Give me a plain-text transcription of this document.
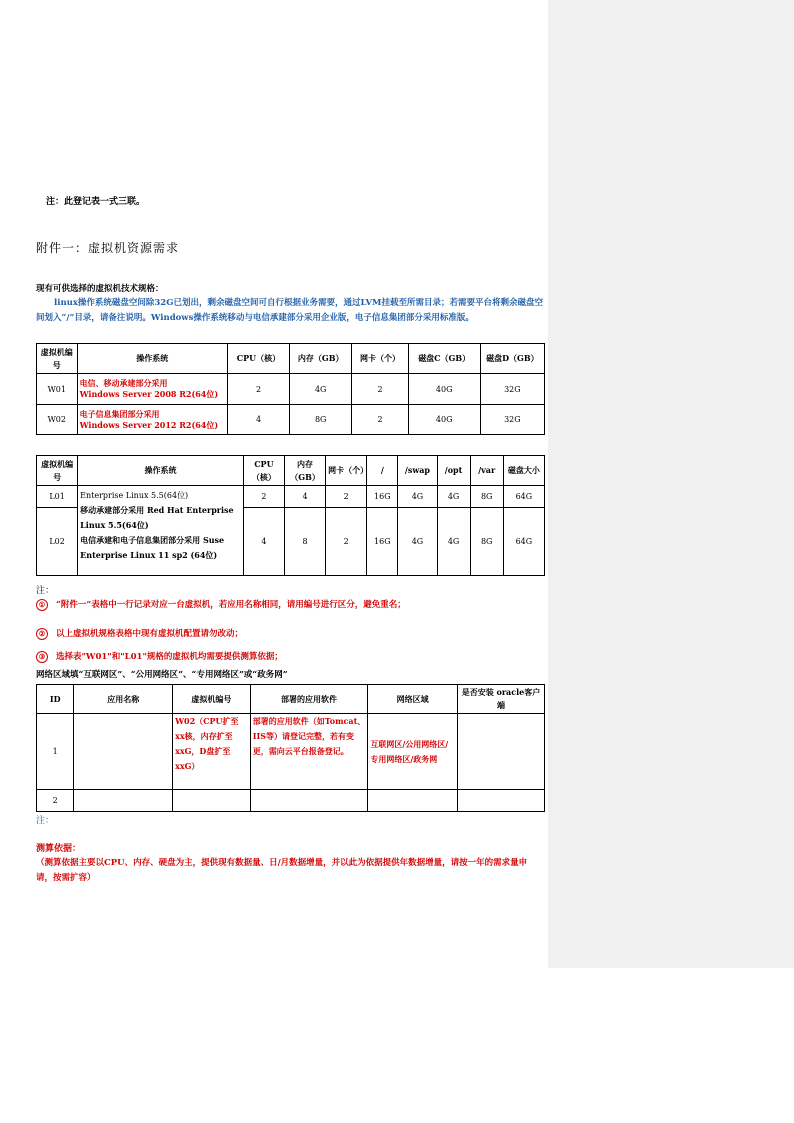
注：此登记表一式三联。
附件一：虚拟机资源需求
现有可供选择的虚拟机技术规格：
linux操作系统磁盘空间除32G已划出，剩余磁盘空间可自行根据业务需要，通过LVM挂载至所需目录；若需要平台将剩余磁盘空间划入“/”目录，请备注说明。Windows操作系统移动与电信承建部分采用企业版，电子信息集团部分采用标准版。
虚拟机编号	操作系统	CPU（核）	内存（GB）	网卡（个）	磁盘C（GB）	磁盘D（GB）
W01	电信、移动承建部分采用
Windows Server 2008 R2(64位)	2	4G	2	40G	32G
W02	电子信息集团部分采用
Windows Server 2012 R2(64位)	4	8G	2	40G	32G
虚拟机编号	操作系统	CPU（核）	内存（GB）	网卡（个）	/	/swap	/opt	/var	磁盘大小
L01	Enterprise Linux 5.5(64位)
移动承建部分采用 Red Hat Enterprise Linux 5.5(64位)
电信承建和电子信息集团部分采用 Suse Enterprise Linux 11 sp2 (64位)	2	4	2	16G	4G	4G	8G	64G
L02		4	8	2	16G	4G	4G	8G	64G
注：
① “附件一”表格中一行记录对应一台虚拟机，若应用名称相同，请用编号进行区分，避免重名；
② 以上虚拟机规格表格中现有虚拟机配置请勿改动；
③ 选择表"W01"和"L01"规格的虚拟机均需要提供测算依据；
网络区域填“互联网区”、“公用网络区”、“专用网络区”或“政务网”
ID	应用名称	虚拟机编号	部署的应用软件	网络区域	是否安装 oracle客户端
1		W02（CPU扩至xx核，内存扩至xxG，D盘扩至xxG）	部署的应用软件（如Tomcat、IIS等）请登记完整，若有变更，需向云平台报备登记。	互联网区/公用网络区/专用网络区/政务网	
2					
注：
测算依据：
（测算依据主要以CPU、内存、硬盘为主，提供现有数据量、日/月数据增量，并以此为依据提供年数据增量，请按一年的需求量申请，按需扩容）
